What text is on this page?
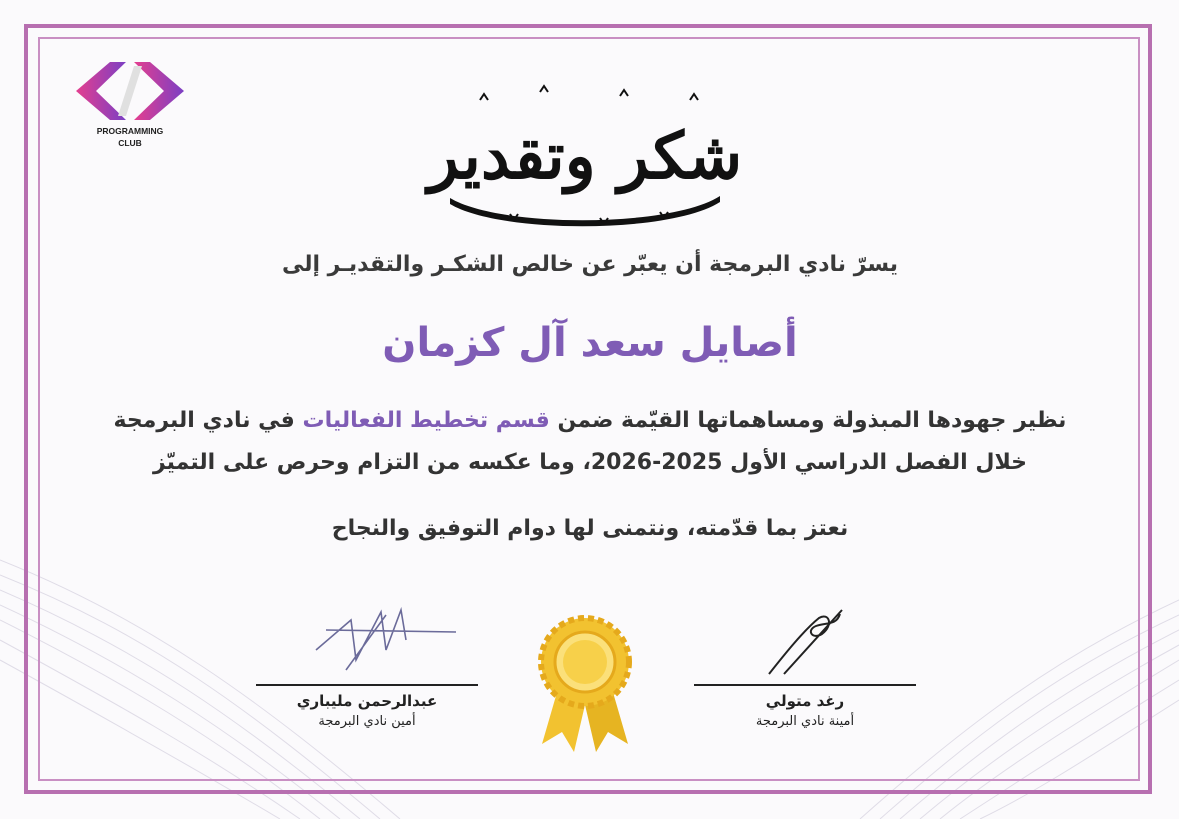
PROGRAMMING
CLUB	شكر وتقدير
يسرّ نادي البرمجة أن يعبّر عن خالص الشكـر والتقديـر إلى
أصايل سعد آل كزمان
نظير جهودها المبذولة ومساهماتها القيّمة ضمن قسم تخطيط الفعاليات في نادي البرمجة
خلال الفصل الدراسي الأول 2025-2026، وما عكسه من التزام وحرص على التميّز
نعتز بما قدّمته، ونتمنى لها دوام التوفيق والنجاح
عبدالرحمن مليباري
أمين نادي البرمجة
رغد متولي
أمينة نادي البرمجة
